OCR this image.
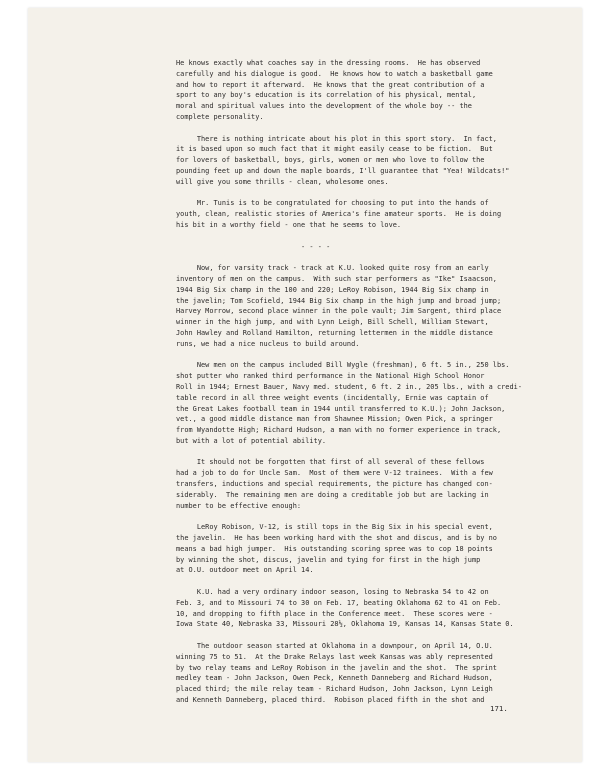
He knows exactly what coaches say in the dressing rooms.  He has observed
carefully and his dialogue is good.  He knows how to watch a basketball game
and how to report it afterward.  He knows that the great contribution of a
sport to any boy's education is its correlation of his physical, mental,
moral and spiritual values into the development of the whole boy -- the
complete personality.
There is nothing intricate about his plot in this sport story.  In fact,
it is based upon so much fact that it might easily cease to be fiction.  But
for lovers of basketball, boys, girls, women or men who love to follow the
pounding feet up and down the maple boards, I'll guarantee that "Yea! Wildcats!"
will give you some thrills - clean, wholesome ones.
Mr. Tunis is to be congratulated for choosing to put into the hands of
youth, clean, realistic stories of America's fine amateur sports.  He is doing
his bit in a worthy field - one that he seems to love.
- - - -
Now, for varsity track - track at K.U. looked quite rosy from an early
inventory of men on the campus.  With such star performers as "Ike" Isaacson,
1944 Big Six champ in the 100 and 220; LeRoy Robison, 1944 Big Six champ in
the javelin; Tom Scofield, 1944 Big Six champ in the high jump and broad jump;
Harvey Morrow, second place winner in the pole vault; Jim Sargent, third place
winner in the high jump, and with Lynn Leigh, Bill Schell, William Stewart,
John Hawley and Rolland Hamilton, returning lettermen in the middle distance
runs, we had a nice nucleus to build around.
New men on the campus included Bill Wygle (freshman), 6 ft. 5 in., 250 lbs.
shot putter who ranked third performance in the National High School Honor
Roll in 1944; Ernest Bauer, Navy med. student, 6 ft. 2 in., 205 lbs., with a credi-
table record in all three weight events (incidentally, Ernie was captain of
the Great Lakes football team in 1944 until transferred to K.U.); John Jackson,
vet., a good middle distance man from Shawnee Mission; Owen Pick, a springer
from Wyandotte High; Richard Hudson, a man with no former experience in track,
but with a lot of potential ability.
It should not be forgotten that first of all several of these fellows
had a job to do for Uncle Sam.  Most of them were V-12 trainees.  With a few
transfers, inductions and special requirements, the picture has changed con-
siderably.  The remaining men are doing a creditable job but are lacking in
number to be effective enough:
LeRoy Robison, V-12, is still tops in the Big Six in his special event,
the javelin.  He has been working hard with the shot and discus, and is by no
means a bad high jumper.  His outstanding scoring spree was to cop 18 points
by winning the shot, discus, javelin and tying for first in the high jump
at O.U. outdoor meet on April 14.
K.U. had a very ordinary indoor season, losing to Nebraska 54 to 42 on
Feb. 3, and to Missouri 74 to 30 on Feb. 17, beating Oklahoma 62 to 41 on Feb.
10, and dropping to fifth place in the Conference meet.  These scores were -
Iowa State 40, Nebraska 33, Missouri 28½, Oklahoma 19, Kansas 14, Kansas State 0.
The outdoor season started at Oklahoma in a downpour, on April 14, O.U.
winning 75 to 51.  At the Drake Relays last week Kansas was ably represented
by two relay teams and LeRoy Robison in the javelin and the shot.  The sprint
medley team - John Jackson, Owen Peck, Kenneth Danneberg and Richard Hudson,
placed third; the mile relay team - Richard Hudson, John Jackson, Lynn Leigh
and Kenneth Danneberg, placed third.  Robison placed fifth in the shot and
171.
